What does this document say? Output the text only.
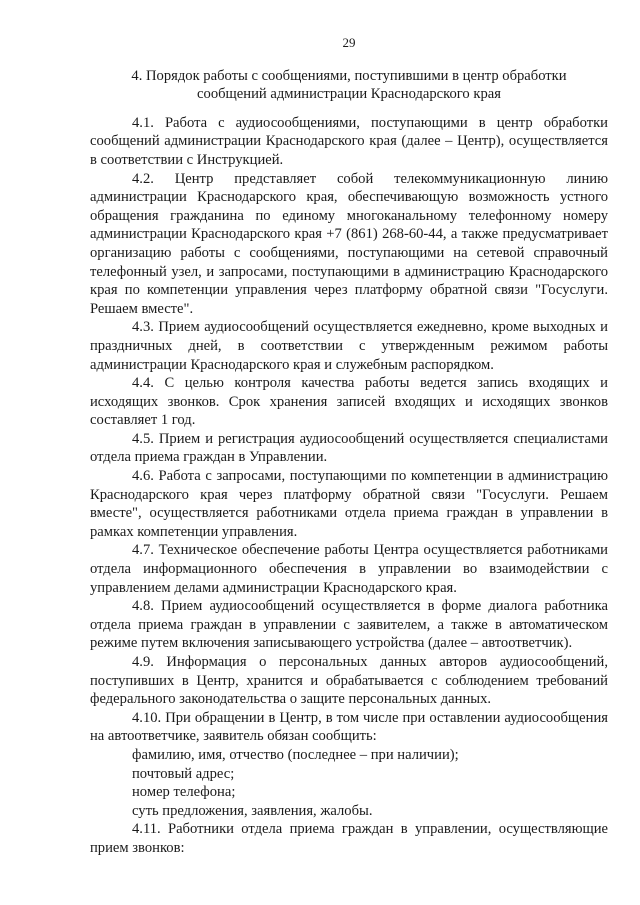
29
4. Порядок работы с сообщениями, поступившими в центр обработки сообщений администрации Краснодарского края

4.1. Работа с аудиосообщениями, поступающими в центр обработки сообщений администрации Краснодарского края (далее – Центр), осуществляется в соответствии с Инструкцией.

4.2. Центр представляет собой телекоммуникационную линию администрации Краснодарского края, обеспечивающую возможность устного обращения гражданина по единому многоканальному телефонному номеру администрации Краснодарского края +7 (861) 268-60-44, а также предусматривает организацию работы с сообщениями, поступающими на сетевой справочный телефонный узел, и запросами, поступающими в администрацию Краснодарского края по компетенции управления через платформу обратной связи "Госуслуги. Решаем вместе".

4.3. Прием аудиосообщений осуществляется ежедневно, кроме выходных и праздничных дней, в соответствии с утвержденным режимом работы администрации Краснодарского края и служебным распорядком.

4.4. С целью контроля качества работы ведется запись входящих и исходящих звонков. Срок хранения записей входящих и исходящих звонков составляет 1 год.

4.5. Прием и регистрация аудиосообщений осуществляется специалистами отдела приема граждан в Управлении.

4.6. Работа с запросами, поступающими по компетенции в администрацию Краснодарского края через платформу обратной связи "Госуслуги. Решаем вместе", осуществляется работниками отдела приема граждан в управлении в рамках компетенции управления.

4.7. Техническое обеспечение работы Центра осуществляется работниками отдела информационного обеспечения в управлении во взаимодействии с управлением делами администрации Краснодарского края.

4.8. Прием аудиосообщений осуществляется в форме диалога работника отдела приема граждан в управлении с заявителем, а также в автоматическом режиме путем включения записывающего устройства (далее – автоответчик).

4.9. Информация о персональных данных авторов аудиосообщений, поступивших в Центр, хранится и обрабатывается с соблюдением требований федерального законодательства о защите персональных данных.

4.10. При обращении в Центр, в том числе при оставлении аудиосообщения на автоответчике, заявитель обязан сообщить:

фамилию, имя, отчество (последнее – при наличии);

почтовый адрес;

номер телефона;

суть предложения, заявления, жалобы.

4.11. Работники отдела приема граждан в управлении, осуществляющие прием звонков:
